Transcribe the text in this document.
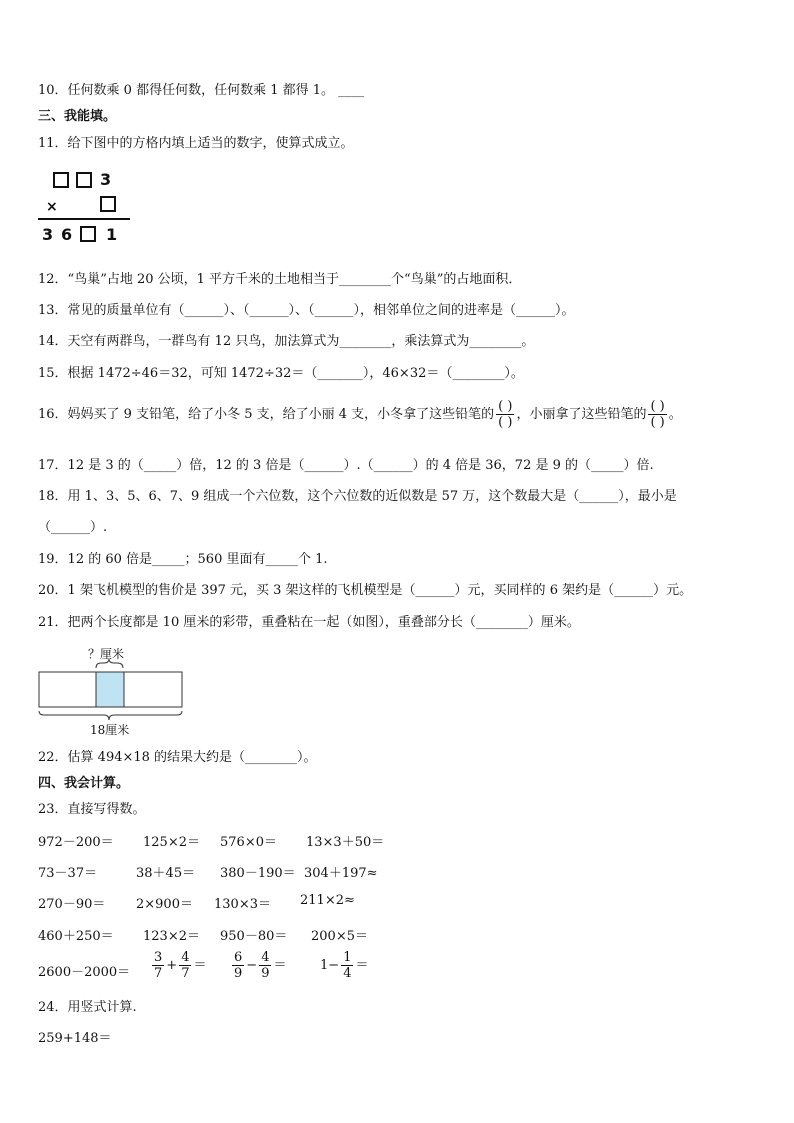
10．任何数乘 0 都得任何数，任何数乘 1 都得 1。 ____
三、我能填。
11．给下图中的方格内填上适当的数字，使算式成立。
3
×
3 6 1
12．“鸟巢”占地 20 公顷，1 平方千米的土地相当于________个“鸟巢”的占地面积．
13．常见的质量单位有（______）、（______）、（______），相邻单位之间的进率是（______）。
14．天空有两群鸟，一群鸟有 12 只鸟，加法算式为________，乘法算式为________。
15．根据 1472÷46＝32，可知 1472÷32＝（_______），46×32＝（________）。
16．妈妈买了 9 支铅笔，给了小冬 5 支，给了小丽 4 支，小冬拿了这些铅笔的 $\frac{( )}{( )}$ ，小丽拿了这些铅笔的 $\frac{( )}{( )}$ 。
17．12 是 3 的（_____）倍，12 的 3 倍是（______）.（______）的 4 倍是 36，72 是 9 的（_____）倍.
18．用 1、3、5、6、7、9 组成一个六位数，这个六位数的近似数是 57 万，这个数最大是（______），最小是
（______）.
19．12 的 60 倍是_____；560 里面有_____个 1.
20．1 架飞机模型的售价是 397 元，买 3 架这样的飞机模型是（______）元，买同样的 6 架约是（______）元。
21．把两个长度都是 10 厘米的彩带，重叠粘在一起（如图），重叠部分长（________）厘米。
？厘米
18厘米
22．估算 494×18 的结果大约是（________）。
四、我会计算。
23．直接写得数。
972－200＝ 125×2＝ 576×0＝ 13×3＋50＝
73－37＝	38＋45＝ 380－190＝ 304＋197≈
270－90＝ 2×900＝ 130×3＝ 211×2≈
460＋250＝ 123×2＝ 950－80＝ 200×5＝
$2600-2000= \frac{3}{7} + \frac{4}{7} = \frac{6}{9} - \frac{4}{9}$ ＝	$1- \frac{1}{4}$ ＝
24．用竖式计算.
259+148＝
